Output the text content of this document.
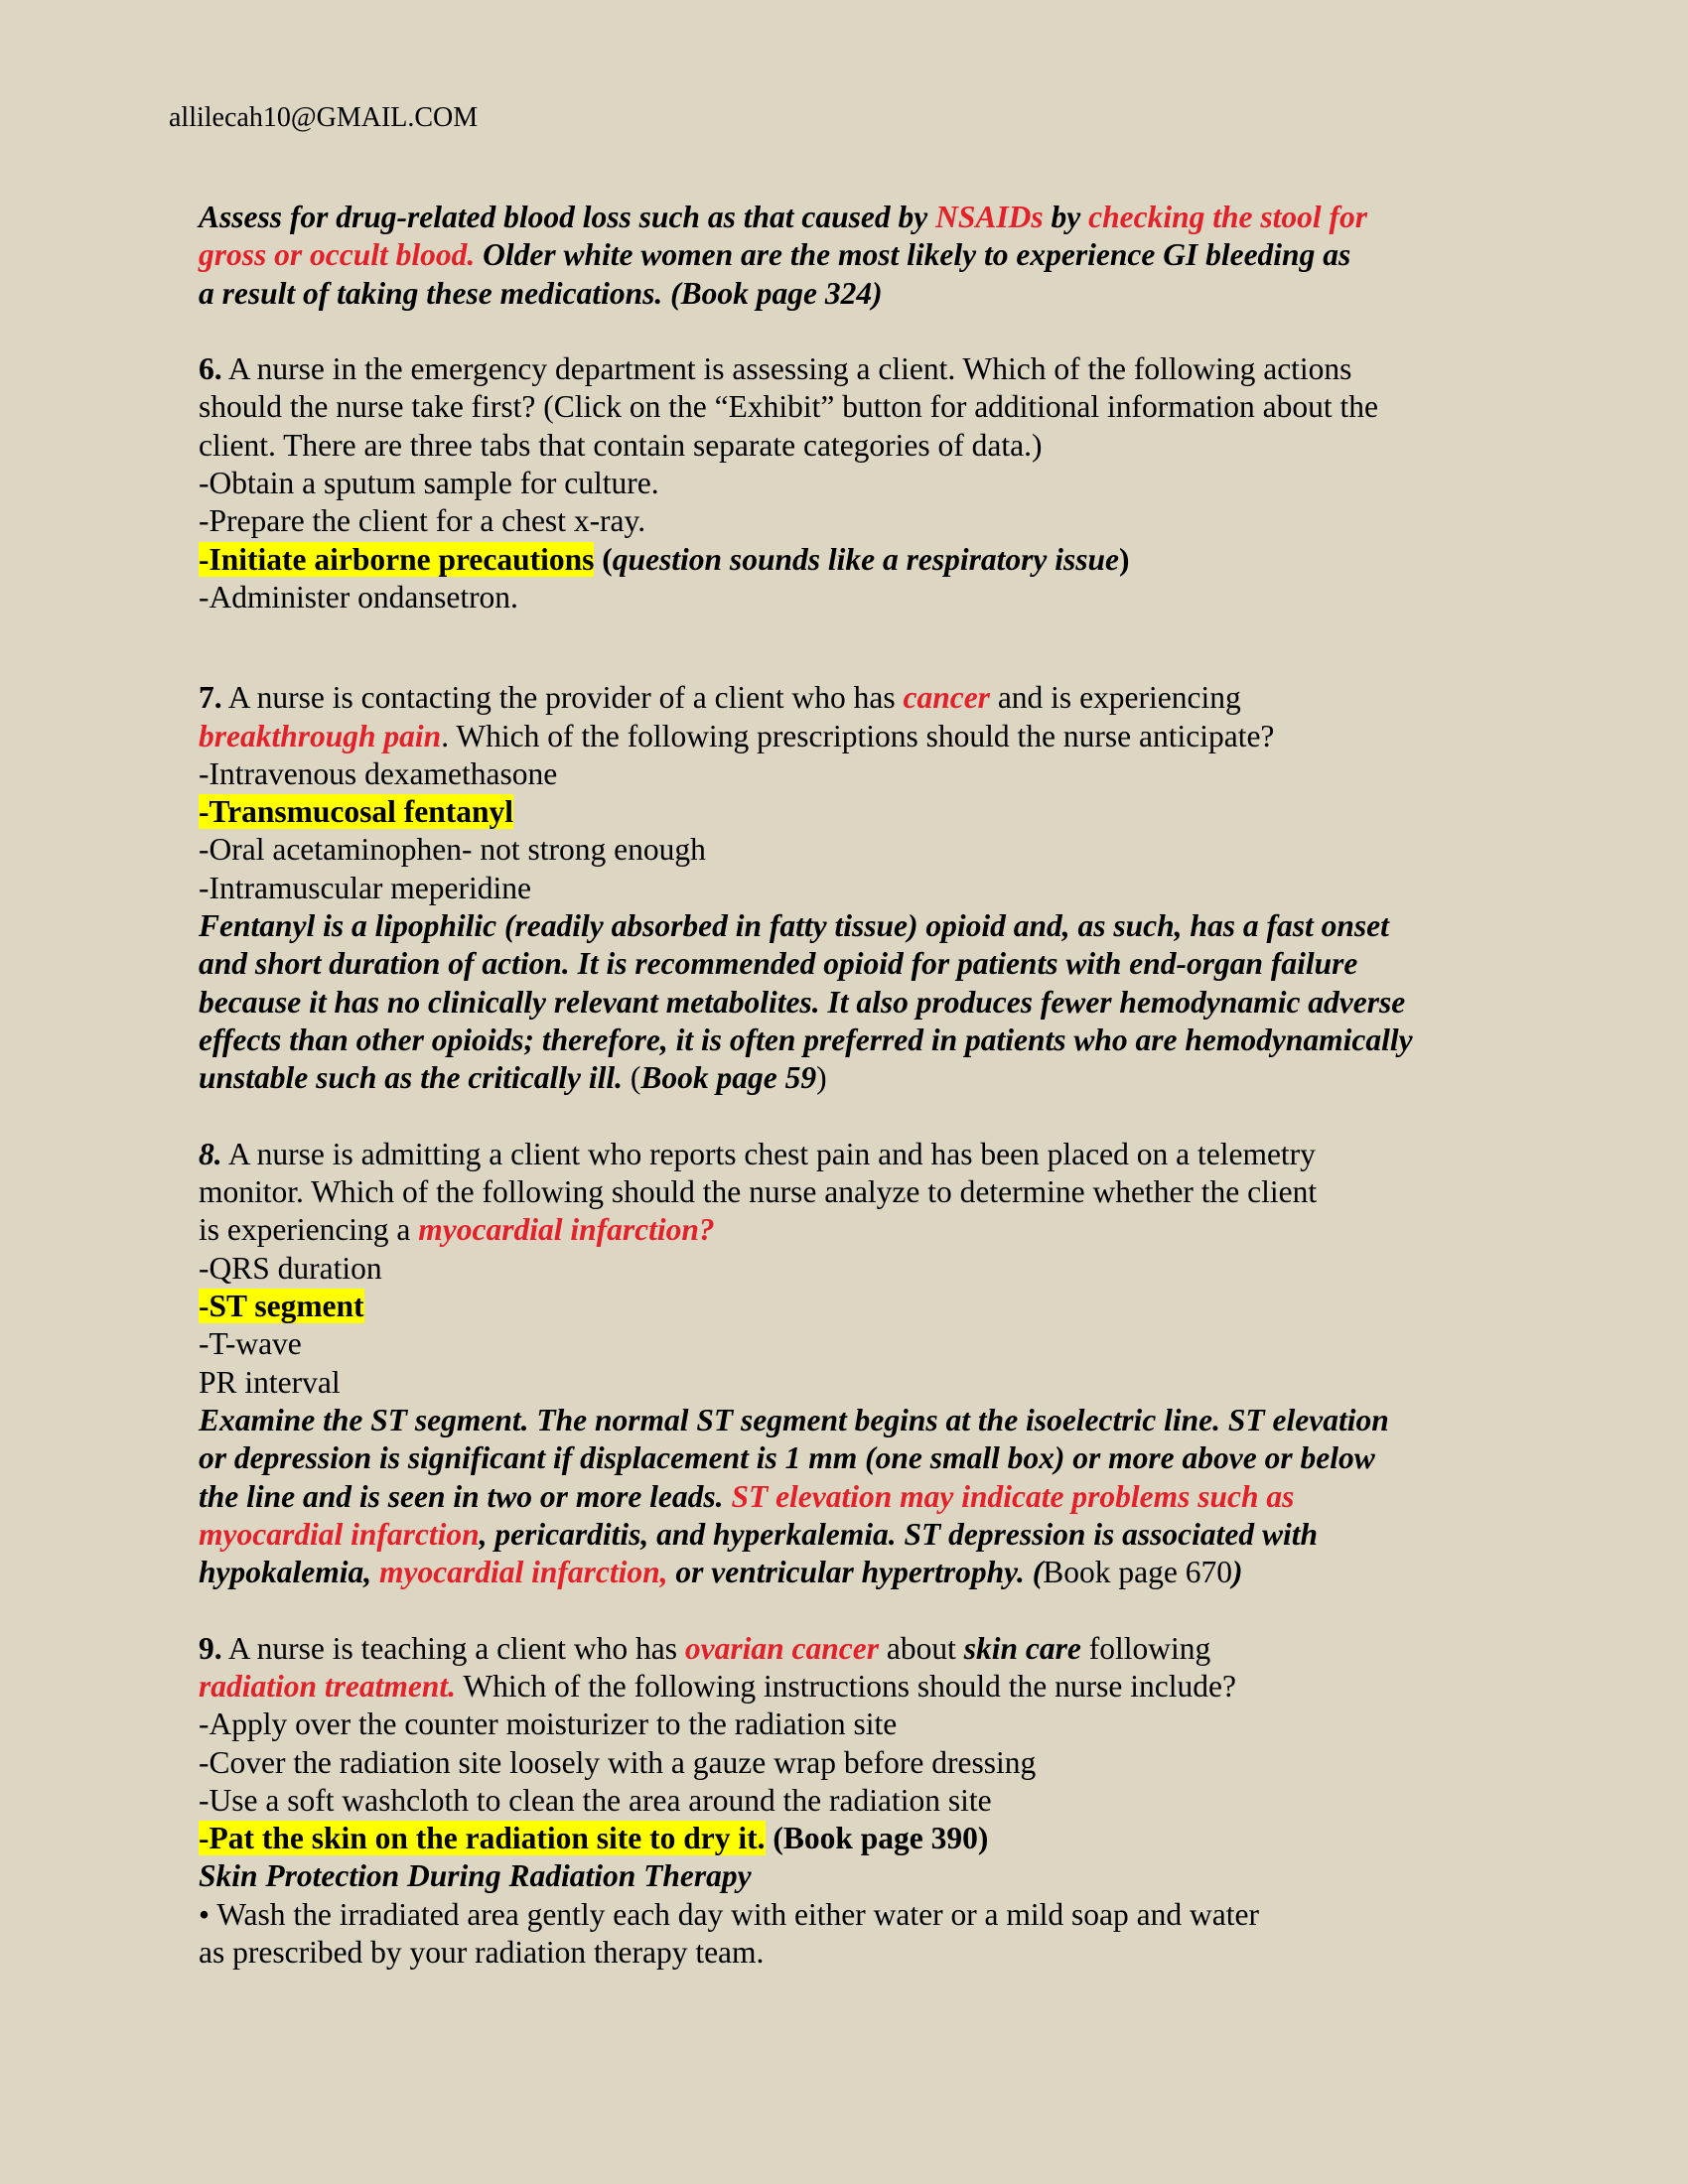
allilecah10@GMAIL.COM

Assess for drug-related blood loss such as that caused by NSAIDs by checking the stool for

gross or occult blood. Older white women are the most likely to experience GI bleeding as

a result of taking these medications. (Book page 324)

6. A nurse in the emergency department is assessing a client. Which of the following actions

should the nurse take first? (Click on the “Exhibit” button for additional information about the

client. There are three tabs that contain separate categories of data.)

-Obtain a sputum sample for culture.

-Prepare the client for a chest x-ray.

-Initiate airborne precautions (question sounds like a respiratory issue)

-Administer ondansetron.

7. A nurse is contacting the provider of a client who has cancer and is experiencing

breakthrough pain. Which of the following prescriptions should the nurse anticipate?

-Intravenous dexamethasone

-Transmucosal fentanyl

-Oral acetaminophen- not strong enough

-Intramuscular meperidine

Fentanyl is a lipophilic (readily absorbed in fatty tissue) opioid and, as such, has a fast onset

and short duration of action. It is recommended opioid for patients with end-organ failure

because it has no clinically relevant metabolites. It also produces fewer hemodynamic adverse

effects than other opioids; therefore, it is often preferred in patients who are hemodynamically

unstable such as the critically ill. (Book page 59)

8. A nurse is admitting a client who reports chest pain and has been placed on a telemetry

monitor. Which of the following should the nurse analyze to determine whether the client

is experiencing a myocardial infarction?

-QRS duration

-ST segment

-T-wave

PR interval

Examine the ST segment. The normal ST segment begins at the isoelectric line. ST elevation

or depression is significant if displacement is 1 mm (one small box) or more above or below

the line and is seen in two or more leads. ST elevation may indicate problems such as

myocardial infarction, pericarditis, and hyperkalemia. ST depression is associated with

hypokalemia, myocardial infarction, or ventricular hypertrophy. (Book page 670)

9. A nurse is teaching a client who has ovarian cancer about skin care following

radiation treatment. Which of the following instructions should the nurse include?

-Apply over the counter moisturizer to the radiation site

-Cover the radiation site loosely with a gauze wrap before dressing

-Use a soft washcloth to clean the area around the radiation site

-Pat the skin on the radiation site to dry it. (Book page 390)

Skin Protection During Radiation Therapy

• Wash the irradiated area gently each day with either water or a mild soap and water

as prescribed by your radiation therapy team.
